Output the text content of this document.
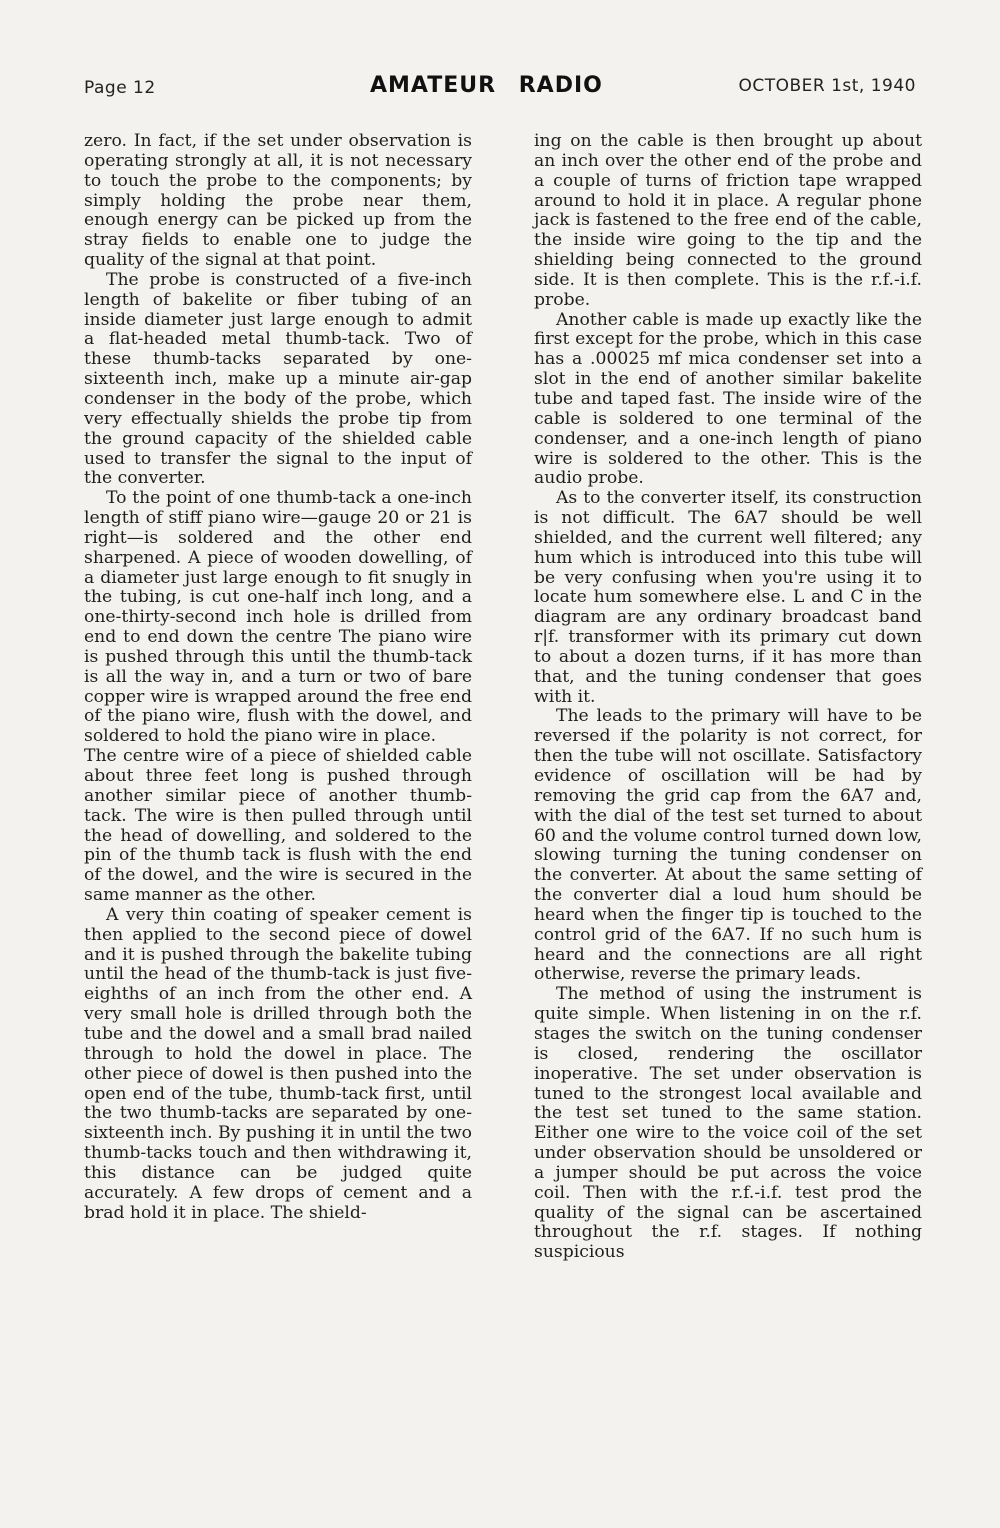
Page 12	AMATEUR RADIO	OCTOBER 1st, 1940

zero. In fact, if the set under observation is operating strongly at all, it is not necessary to touch the probe to the components; by simply holding the probe near them, enough energy can be picked up from the stray fields to enable one to judge the quality of the signal at that point.

The probe is constructed of a five-inch length of bakelite or fiber tubing of an inside diameter just large enough to admit a flat-headed metal thumb-tack. Two of these thumb-tacks separated by one-sixteenth inch, make up a minute air-gap condenser in the body of the probe, which very effectually shields the probe tip from the ground capacity of the shielded cable used to transfer the signal to the input of the converter.

To the point of one thumb-tack a one-inch length of stiff piano wire—gauge 20 or 21 is right—is soldered and the other end sharpened. A piece of wooden dowelling, of a diameter just large enough to fit snugly in the tubing, is cut one-half inch long, and a one-thirty-second inch hole is drilled from end to end down the centre The piano wire is pushed through this until the thumb-tack is all the way in, and a turn or two of bare copper wire is wrapped around the free end of the piano wire, flush with the dowel, and soldered to hold the piano wire in place.

The centre wire of a piece of shielded cable about three feet long is pushed through another similar piece of another thumb-tack. The wire is then pulled through until the head of dowelling, and soldered to the pin of the thumb tack is flush with the end of the dowel, and the wire is secured in the same manner as the other.

A very thin coating of speaker cement is then applied to the second piece of dowel and it is pushed through the bakelite tubing until the head of the thumb-tack is just five-eighths of an inch from the other end. A very small hole is drilled through both the tube and the dowel and a small brad nailed through to hold the dowel in place. The other piece of dowel is then pushed into the open end of the tube, thumb-tack first, until the two thumb-tacks are separated by one-sixteenth inch. By pushing it in until the two thumb-tacks touch and then withdrawing it, this distance can be judged quite accurately. A few drops of cement and a brad hold it in place. The shield-

ing on the cable is then brought up about an inch over the other end of the probe and a couple of turns of friction tape wrapped around to hold it in place. A regular phone jack is fastened to the free end of the cable, the inside wire going to the tip and the shielding being connected to the ground side. It is then complete. This is the r.f.-i.f. probe.

Another cable is made up exactly like the first except for the probe, which in this case has a .00025 mf mica condenser set into a slot in the end of another similar bakelite tube and taped fast. The inside wire of the cable is soldered to one terminal of the condenser, and a one-inch length of piano wire is soldered to the other. This is the audio probe.

As to the converter itself, its construction is not difficult. The 6A7 should be well shielded, and the current well filtered; any hum which is introduced into this tube will be very confusing when you're using it to locate hum somewhere else. L and C in the diagram are any ordinary broadcast band r|f. transformer with its primary cut down to about a dozen turns, if it has more than that, and the tuning condenser that goes with it.

The leads to the primary will have to be reversed if the polarity is not correct, for then the tube will not oscillate. Satisfactory evidence of oscillation will be had by removing the grid cap from the 6A7 and, with the dial of the test set turned to about 60 and the volume control turned down low, slowing turning the tuning condenser on the converter. At about the same setting of the converter dial a loud hum should be heard when the finger tip is touched to the control grid of the 6A7. If no such hum is heard and the connections are all right otherwise, reverse the primary leads.

The method of using the instrument is quite simple. When listening in on the r.f. stages the switch on the tuning condenser is closed, rendering the oscillator inoperative. The set under observation is tuned to the strongest local available and the test set tuned to the same station. Either one wire to the voice coil of the set under observation should be unsoldered or a jumper should be put across the voice coil. Then with the r.f.-i.f. test prod the quality of the signal can be ascertained throughout the r.f. stages. If nothing suspicious
